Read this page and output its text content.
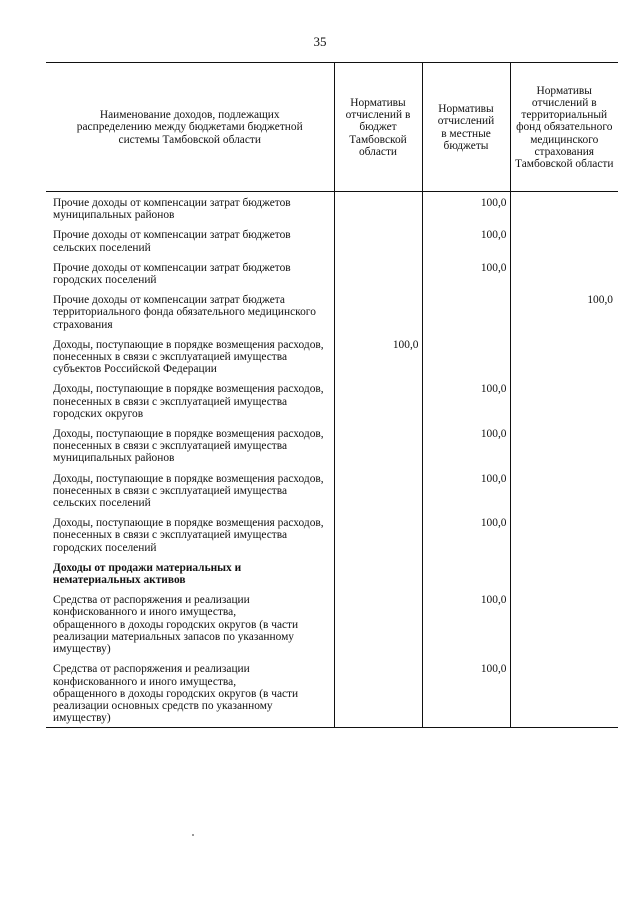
35
Наименование доходов, подлежащих распределению между бюджетами бюджетной системы Тамбовской области	Нормативы отчислений в бюджет Тамбовской области	Нормативы отчислений в местные бюджеты	Нормативы отчислений в территориальный фонд обязательного медицинского страхования Тамбовской области
Прочие доходы от компенсации затрат бюджетов муниципальных районов		100,0	
Прочие доходы от компенсации затрат бюджетов сельских поселений		100,0	
Прочие доходы от компенсации затрат бюджетов городских поселений		100,0	
Прочие доходы от компенсации затрат бюджета территориального фонда обязательного медицинского страхования			100,0
Доходы, поступающие в порядке возмещения расходов, понесенных в связи с эксплуатацией имущества субъектов Российской Федерации	100,0		
Доходы, поступающие в порядке возмещения расходов, понесенных в связи с эксплуатацией имущества городских округов		100,0	
Доходы, поступающие в порядке возмещения расходов, понесенных в связи с эксплуатацией имущества муниципальных районов		100,0	
Доходы, поступающие в порядке возмещения расходов, понесенных в связи с эксплуатацией имущества сельских поселений		100,0	
Доходы, поступающие в порядке возмещения расходов, понесенных в связи с эксплуатацией имущества городских поселений		100,0	
Доходы от продажи материальных и нематериальных активов			
Средства от распоряжения и реализации конфискованного и иного имущества, обращенного в доходы городских округов (в части реализации материальных запасов по указанному имуществу)		100,0	
Средства от распоряжения и реализации конфискованного и иного имущества, обращенного в доходы городских округов (в части реализации основных средств по указанному имуществу)		100,0	
